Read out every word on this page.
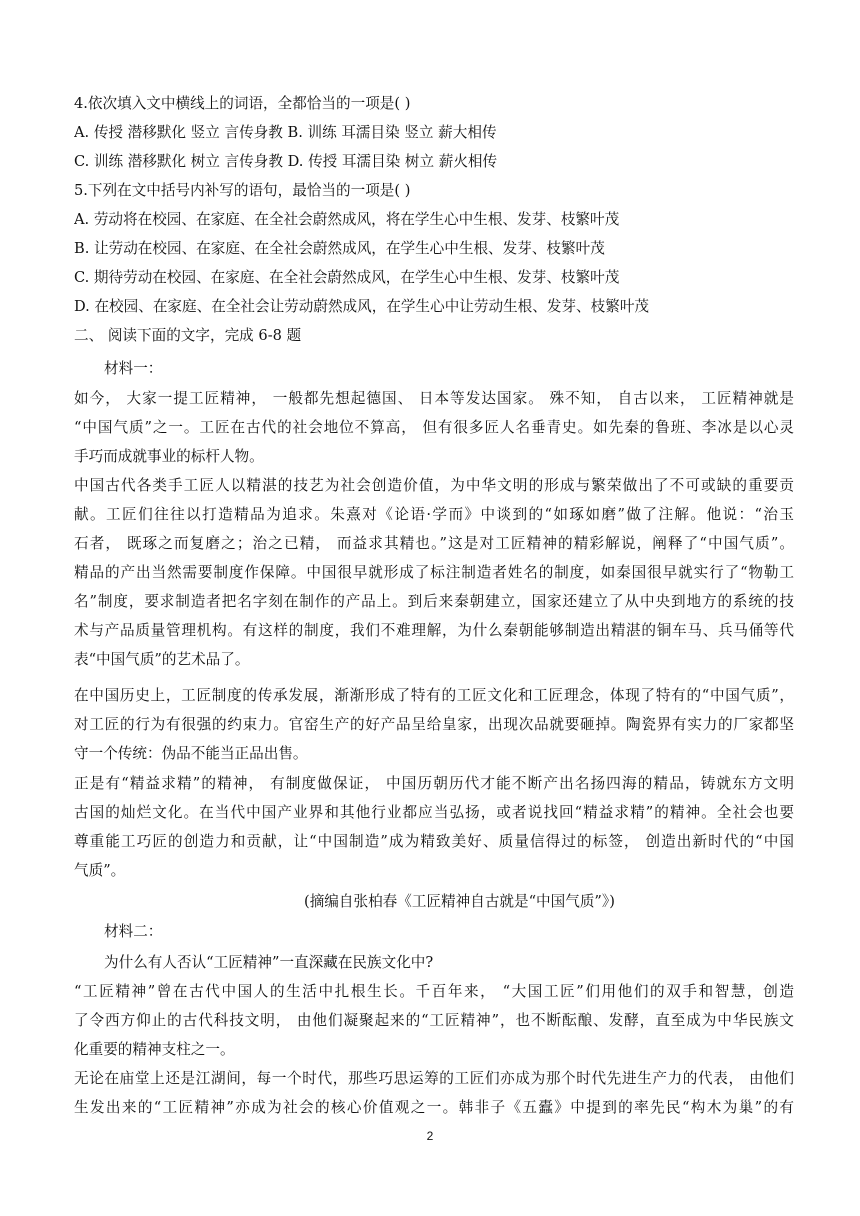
4.依次填入文中横线上的词语，全都恰当的一项是( )
A. 传授 潜移默化 竖立 言传身教 B. 训练 耳濡目染 竖立 薪大相传
C. 训练 潜移默化 树立 言传身教 D. 传授 耳濡目染 树立 薪火相传
5.下列在文中括号内补写的语句，最恰当的一项是( )
A. 劳动将在校园、在家庭、在全社会蔚然成风，将在学生心中生根、发芽、枝繁叶茂
B. 让劳动在校园、在家庭、在全社会蔚然成风，在学生心中生根、发芽、枝繁叶茂
C. 期待劳动在校园、在家庭、在全社会蔚然成风，在学生心中生根、发芽、枝繁叶茂
D. 在校园、在家庭、在全社会让劳动蔚然成风，在学生心中让劳动生根、发芽、枝繁叶茂
二、 阅读下面的文字，完成 6-8 题
材料一：
如今， 大家一提工匠精神， 一般都先想起德国、 日本等发达国家。 殊不知， 自古以来， 工匠精神就是
“中国气质”之一。工匠在古代的社会地位不算高， 但有很多匠人名垂青史。如先秦的鲁班、李冰是以心灵
手巧而成就事业的标杆人物。
中国古代各类手工匠人以精湛的技艺为社会创造价值，为中华文明的形成与繁荣做出了不可或缺的重要贡
献。工匠们往往以打造精品为追求。朱熹对《论语·学而》中谈到的“如琢如磨”做了注解。他说：“治玉
石者， 既琢之而复磨之；治之已精， 而益求其精也。”这是对工匠精神的精彩解说，阐释了“中国气质”。
精品的产出当然需要制度作保障。中国很早就形成了标注制造者姓名的制度，如秦国很早就实行了“物勒工
名”制度，要求制造者把名字刻在制作的产品上。到后来秦朝建立，国家还建立了从中央到地方的系统的技
术与产品质量管理机构。有这样的制度，我们不难理解，为什么秦朝能够制造出精湛的铜车马、兵马俑等代
表“中国气质”的艺术品了。
在中国历史上，工匠制度的传承发展，渐渐形成了特有的工匠文化和工匠理念，体现了特有的“中国气质”，
对工匠的行为有很强的约束力。官窑生产的好产品呈给皇家，出现次品就要砸掉。陶瓷界有实力的厂家都坚
守一个传统：伪品不能当正品出售。
正是有“精益求精”的精神， 有制度做保证， 中国历朝历代才能不断产出名扬四海的精品，铸就东方文明
古国的灿烂文化。在当代中国产业界和其他行业都应当弘扬，或者说找回“精益求精”的精神。全社会也要
尊重能工巧匠的创造力和贡献，让“中国制造”成为精致美好、质量信得过的标签， 创造出新时代的“中国
气质”。
(摘编自张柏春《工匠精神自古就是“中国气质”》)
材料二：
为什么有人否认“工匠精神”一直深藏在民族文化中?
“工匠精神”曾在古代中国人的生活中扎根生长。千百年来， “大国工匠”们用他们的双手和智慧，创造
了令西方仰止的古代科技文明， 由他们凝聚起来的“工匠精神”，也不断酝酿、发酵，直至成为中华民族文
化重要的精神支柱之一。
无论在庙堂上还是江湖间，每一个时代，那些巧思运筹的工匠们亦成为那个时代先进生产力的代表， 由他们
生发出来的“工匠精神”亦成为社会的核心价值观之一。韩非子《五蠹》中提到的率先民“构木为巢”的有
2
